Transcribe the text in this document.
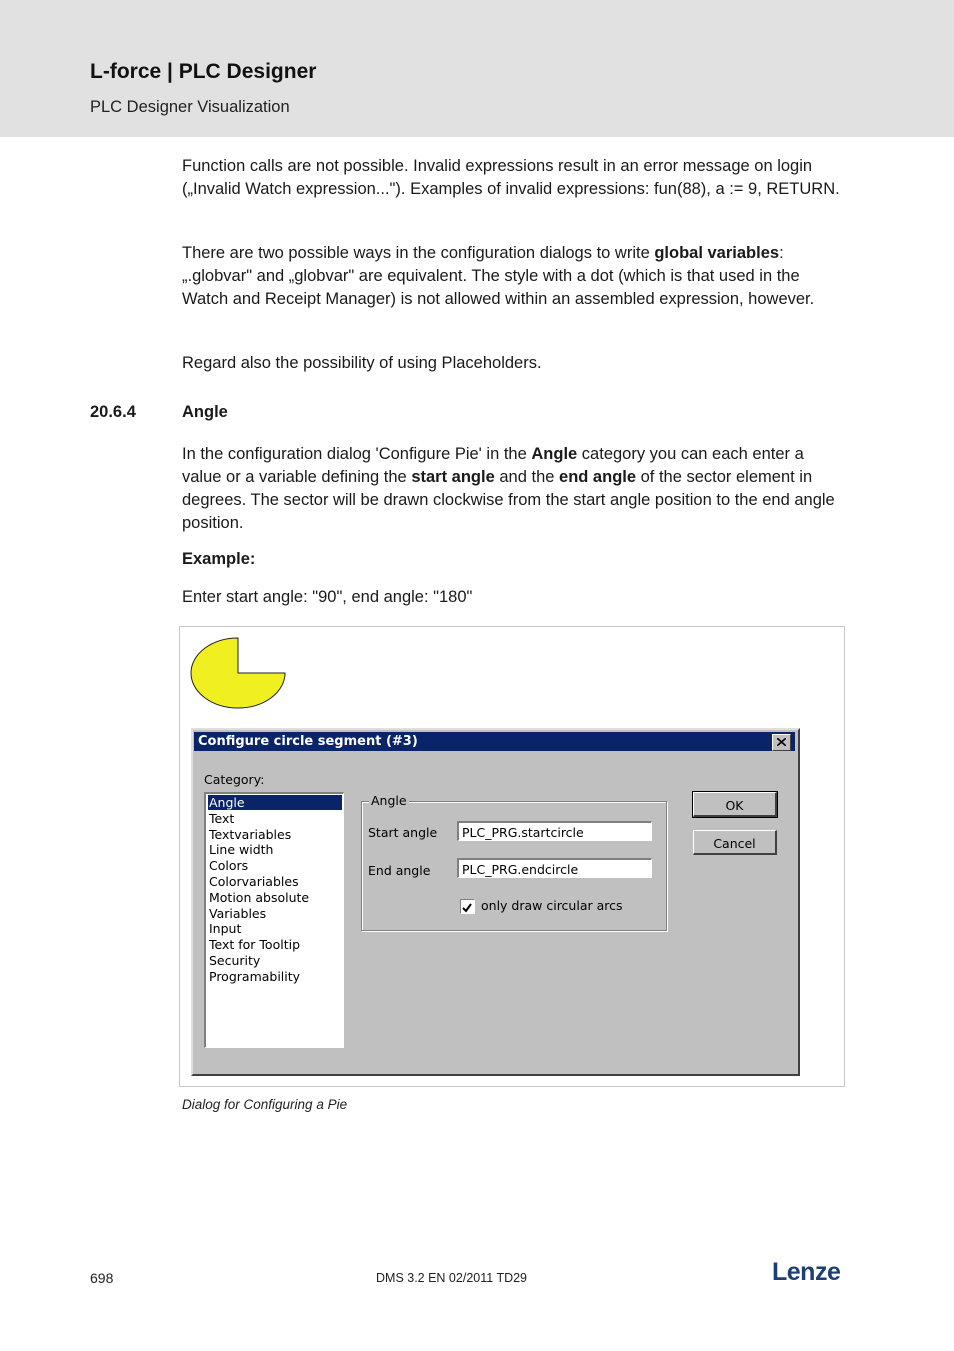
L-force | PLC Designer
PLC Designer Visualization
Function calls are not possible. Invalid expressions result in an error message on login („Invalid Watch expression..."). Examples of invalid expressions: fun(88), a := 9, RETURN.
There are two possible ways in the configuration dialogs to write global variables: „.globvar" and „globvar" are equivalent. The style with a dot (which is that used in the Watch and Receipt Manager) is not allowed within an assembled expression, however.
Regard also the possibility of using Placeholders.
20.6.4	Angle
In the configuration dialog 'Configure Pie' in the Angle category you can each enter a value or a variable defining the start angle and the end angle of the sector element in degrees. The sector will be drawn clockwise from the start angle position to the end angle position.
Example:
Enter start angle: "90", end angle: "180"
Configure circle segment (#3)
Category:
Angle
Text
Textvariables
Line width
Colors
Colorvariables
Motion absolute
Variables
Input
Text for Tooltip
Security
Programability
Angle
Start angle	PLC_PRG.startcircle
End angle	PLC_PRG.endcircle
only draw circular arcs
OK
Cancel
Dialog for Configuring a Pie
698	DMS 3.2 EN 02/2011 TD29	Lenze
